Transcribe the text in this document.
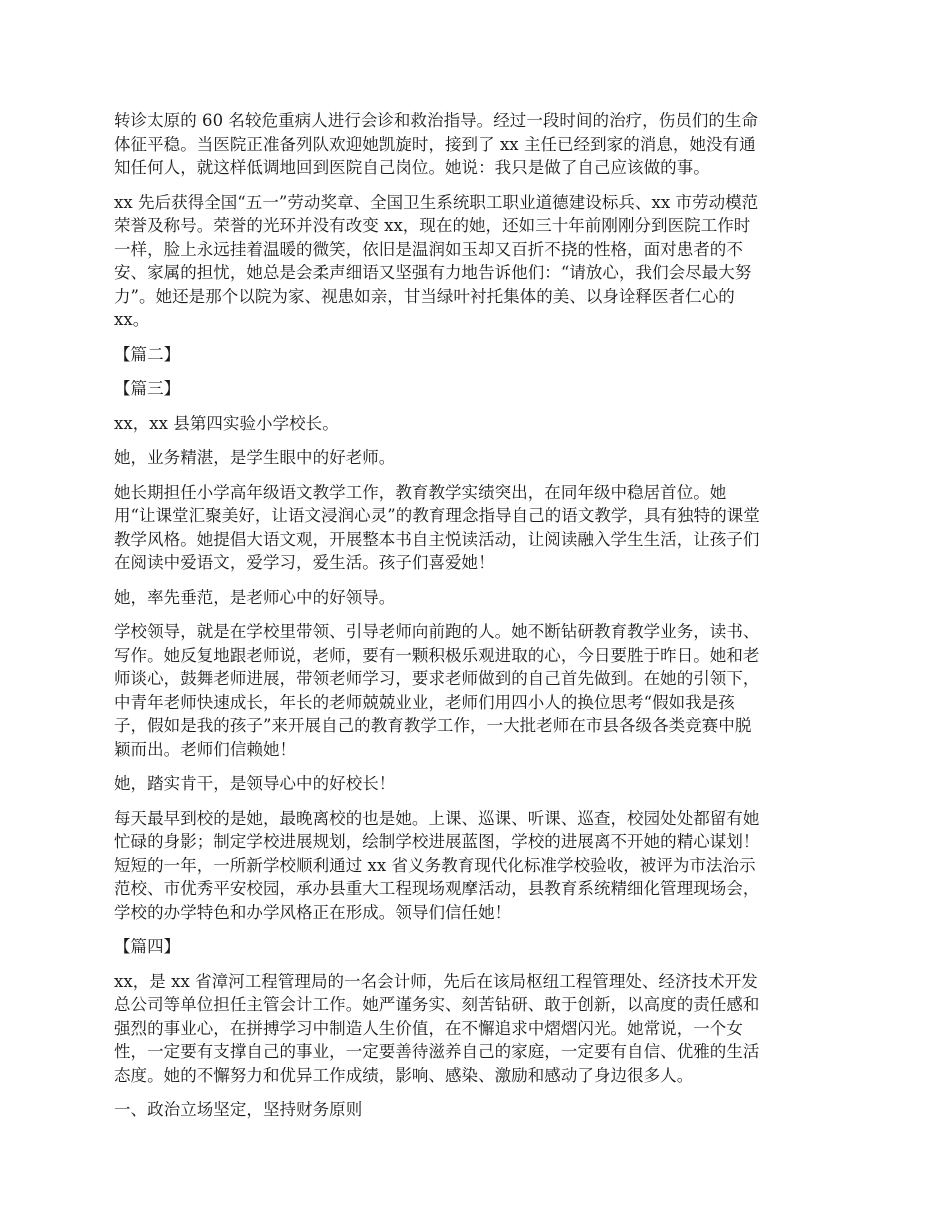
转诊太原的 60 名较危重病人进行会诊和救治指导。经过一段时间的治疗，伤员们的生命
体征平稳。当医院正准备列队欢迎她凯旋时，接到了 xx 主任已经到家的消息，她没有通
知任何人，就这样低调地回到医院自己岗位。她说：我只是做了自己应该做的事。
xx 先后获得全国“五一”劳动奖章、全国卫生系统职工职业道德建设标兵、xx 市劳动模范
荣誉及称号。荣誉的光环并没有改变 xx，现在的她，还如三十年前刚刚分到医院工作时
一样，脸上永远挂着温暖的微笑，依旧是温润如玉却又百折不挠的性格，面对患者的不
安、家属的担忧，她总是会柔声细语又坚强有力地告诉他们：“请放心，我们会尽最大努
力”。她还是那个以院为家、视患如亲，甘当绿叶衬托集体的美、以身诠释医者仁心的
xx。
【篇二】
【篇三】
xx，xx 县第四实验小学校长。
她，业务精湛，是学生眼中的好老师。
她长期担任小学高年级语文教学工作，教育教学实绩突出，在同年级中稳居首位。她
用“让课堂汇聚美好，让语文浸润心灵”的教育理念指导自己的语文教学，具有独特的课堂
教学风格。她提倡大语文观，开展整本书自主悦读活动，让阅读融入学生生活，让孩子们
在阅读中爱语文，爱学习，爱生活。孩子们喜爱她！
她，率先垂范，是老师心中的好领导。
学校领导，就是在学校里带领、引导老师向前跑的人。她不断钻研教育教学业务，读书、
写作。她反复地跟老师说，老师，要有一颗积极乐观进取的心，今日要胜于昨日。她和老
师谈心，鼓舞老师进展，带领老师学习，要求老师做到的自己首先做到。在她的引领下，
中青年老师快速成长，年长的老师兢兢业业，老师们用四小人的换位思考“假如我是孩
子，假如是我的孩子”来开展自己的教育教学工作，一大批老师在市县各级各类竞赛中脱
颖而出。老师们信赖她！
她，踏实肯干，是领导心中的好校长！
每天最早到校的是她，最晚离校的也是她。上课、巡课、听课、巡查，校园处处都留有她
忙碌的身影；制定学校进展规划，绘制学校进展蓝图，学校的进展离不开她的精心谋划！
短短的一年，一所新学校顺利通过 xx 省义务教育现代化标准学校验收，被评为市法治示
范校、市优秀平安校园，承办县重大工程现场观摩活动，县教育系统精细化管理现场会，
学校的办学特色和办学风格正在形成。领导们信任她！
【篇四】
xx，是 xx 省漳河工程管理局的一名会计师，先后在该局枢纽工程管理处、经济技术开发
总公司等单位担任主管会计工作。她严谨务实、刻苦钻研、敢于创新，以高度的责任感和
强烈的事业心，在拼搏学习中制造人生价值，在不懈追求中熠熠闪光。她常说，一个女
性，一定要有支撑自己的事业，一定要善待滋养自己的家庭，一定要有自信、优雅的生活
态度。她的不懈努力和优异工作成绩，影响、感染、激励和感动了身边很多人。
一、政治立场坚定，坚持财务原则
